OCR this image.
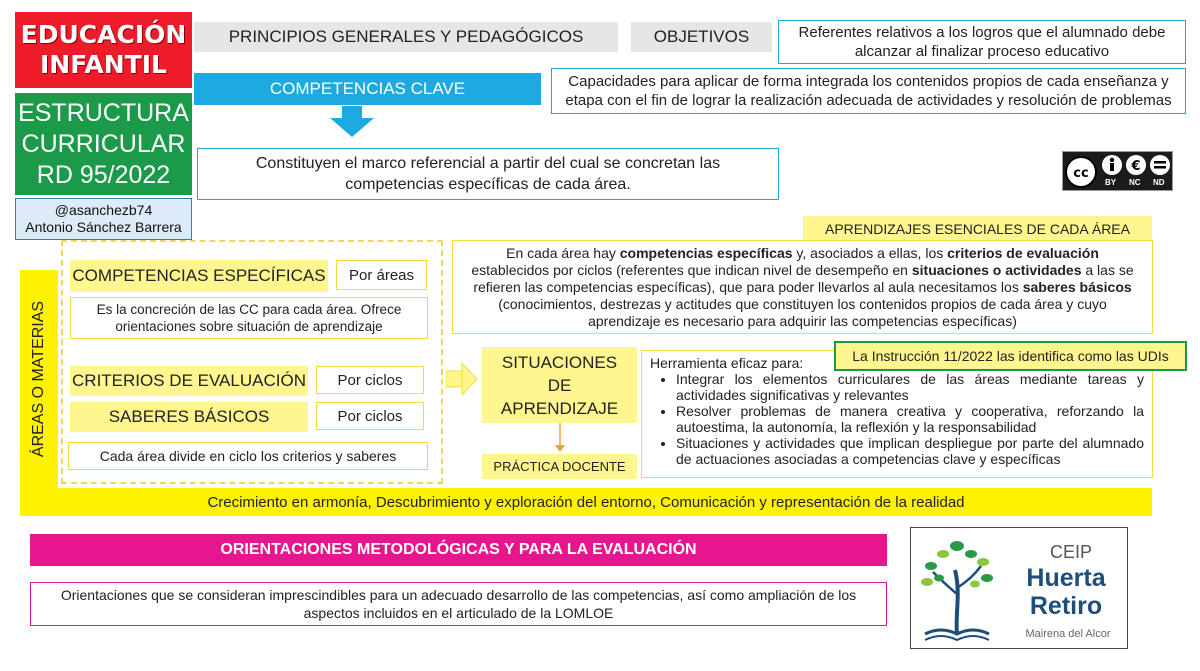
EDUCACIÓN
INFANTIL
ESTRUCTURA
CURRICULAR
RD 95/2022
@asanchezb74
Antonio Sánchez Barrera
PRINCIPIOS GENERALES Y PEDAGÓGICOS	OBJETIVOS	Referentes relativos a los logros que el alumnado debe alcanzar al finalizar proceso educativo
COMPETENCIAS CLAVE	Capacidades para aplicar de forma integrada los contenidos propios de cada enseñanza y etapa con el fin de lograr la realización adecuada de actividades y resolución de problemas
Constituyen el marco referencial a partir del cual se concretan las competencias específicas de cada área.
cc	€
BY NC ND
Crecimiento en armonía, Descubrimiento y exploración del entorno, Comunicación y representación de la realidad
ÁREAS O MATERIAS
COMPETENCIAS ESPECÍFICAS	Por áreas
Es la concreción de las CC para cada área. Ofrece orientaciones sobre situación de aprendizaje
CRITERIOS DE EVALUACIÓN	Por ciclos
SABERES BÁSICOS	Por ciclos
Cada área divide en ciclo los criterios y saberes
APRENDIZAJES ESENCIALES DE CADA ÁREA
En cada área hay competencias específicas y, asociados a ellas, los criterios de evaluación establecidos por ciclos (referentes que indican nivel de desempeño en situaciones o actividades a las se refieren las competencias específicas), que para poder llevarlos al aula necesitamos los saberes básicos (conocimientos, destrezas y actitudes que constituyen los contenidos propios de cada área y cuyo aprendizaje es necesario para adquirir las competencias específicas)
SITUACIONES
DE
APRENDIZAJE
PRÁCTICA DOCENTE
Herramienta eficaz para:
• Integrar los elementos curriculares de las áreas mediante tareas y actividades significativas y relevantes
• Resolver problemas de manera creativa y cooperativa, reforzando la autoestima, la autonomía, la reflexión y la responsabilidad
• Situaciones y actividades que implican despliegue por parte del alumnado de actuaciones asociadas a competencias clave y específicas
La Instrucción 11/2022 las identifica como las UDIs
ORIENTACIONES METODOLÓGICAS Y PARA LA EVALUACIÓN
Orientaciones que se consideran imprescindibles para un adecuado desarrollo de las competencias, así como ampliación de los aspectos incluidos en el articulado de la LOMLOE
CEIP
Huerta
Retiro
Mairena del Alcor
